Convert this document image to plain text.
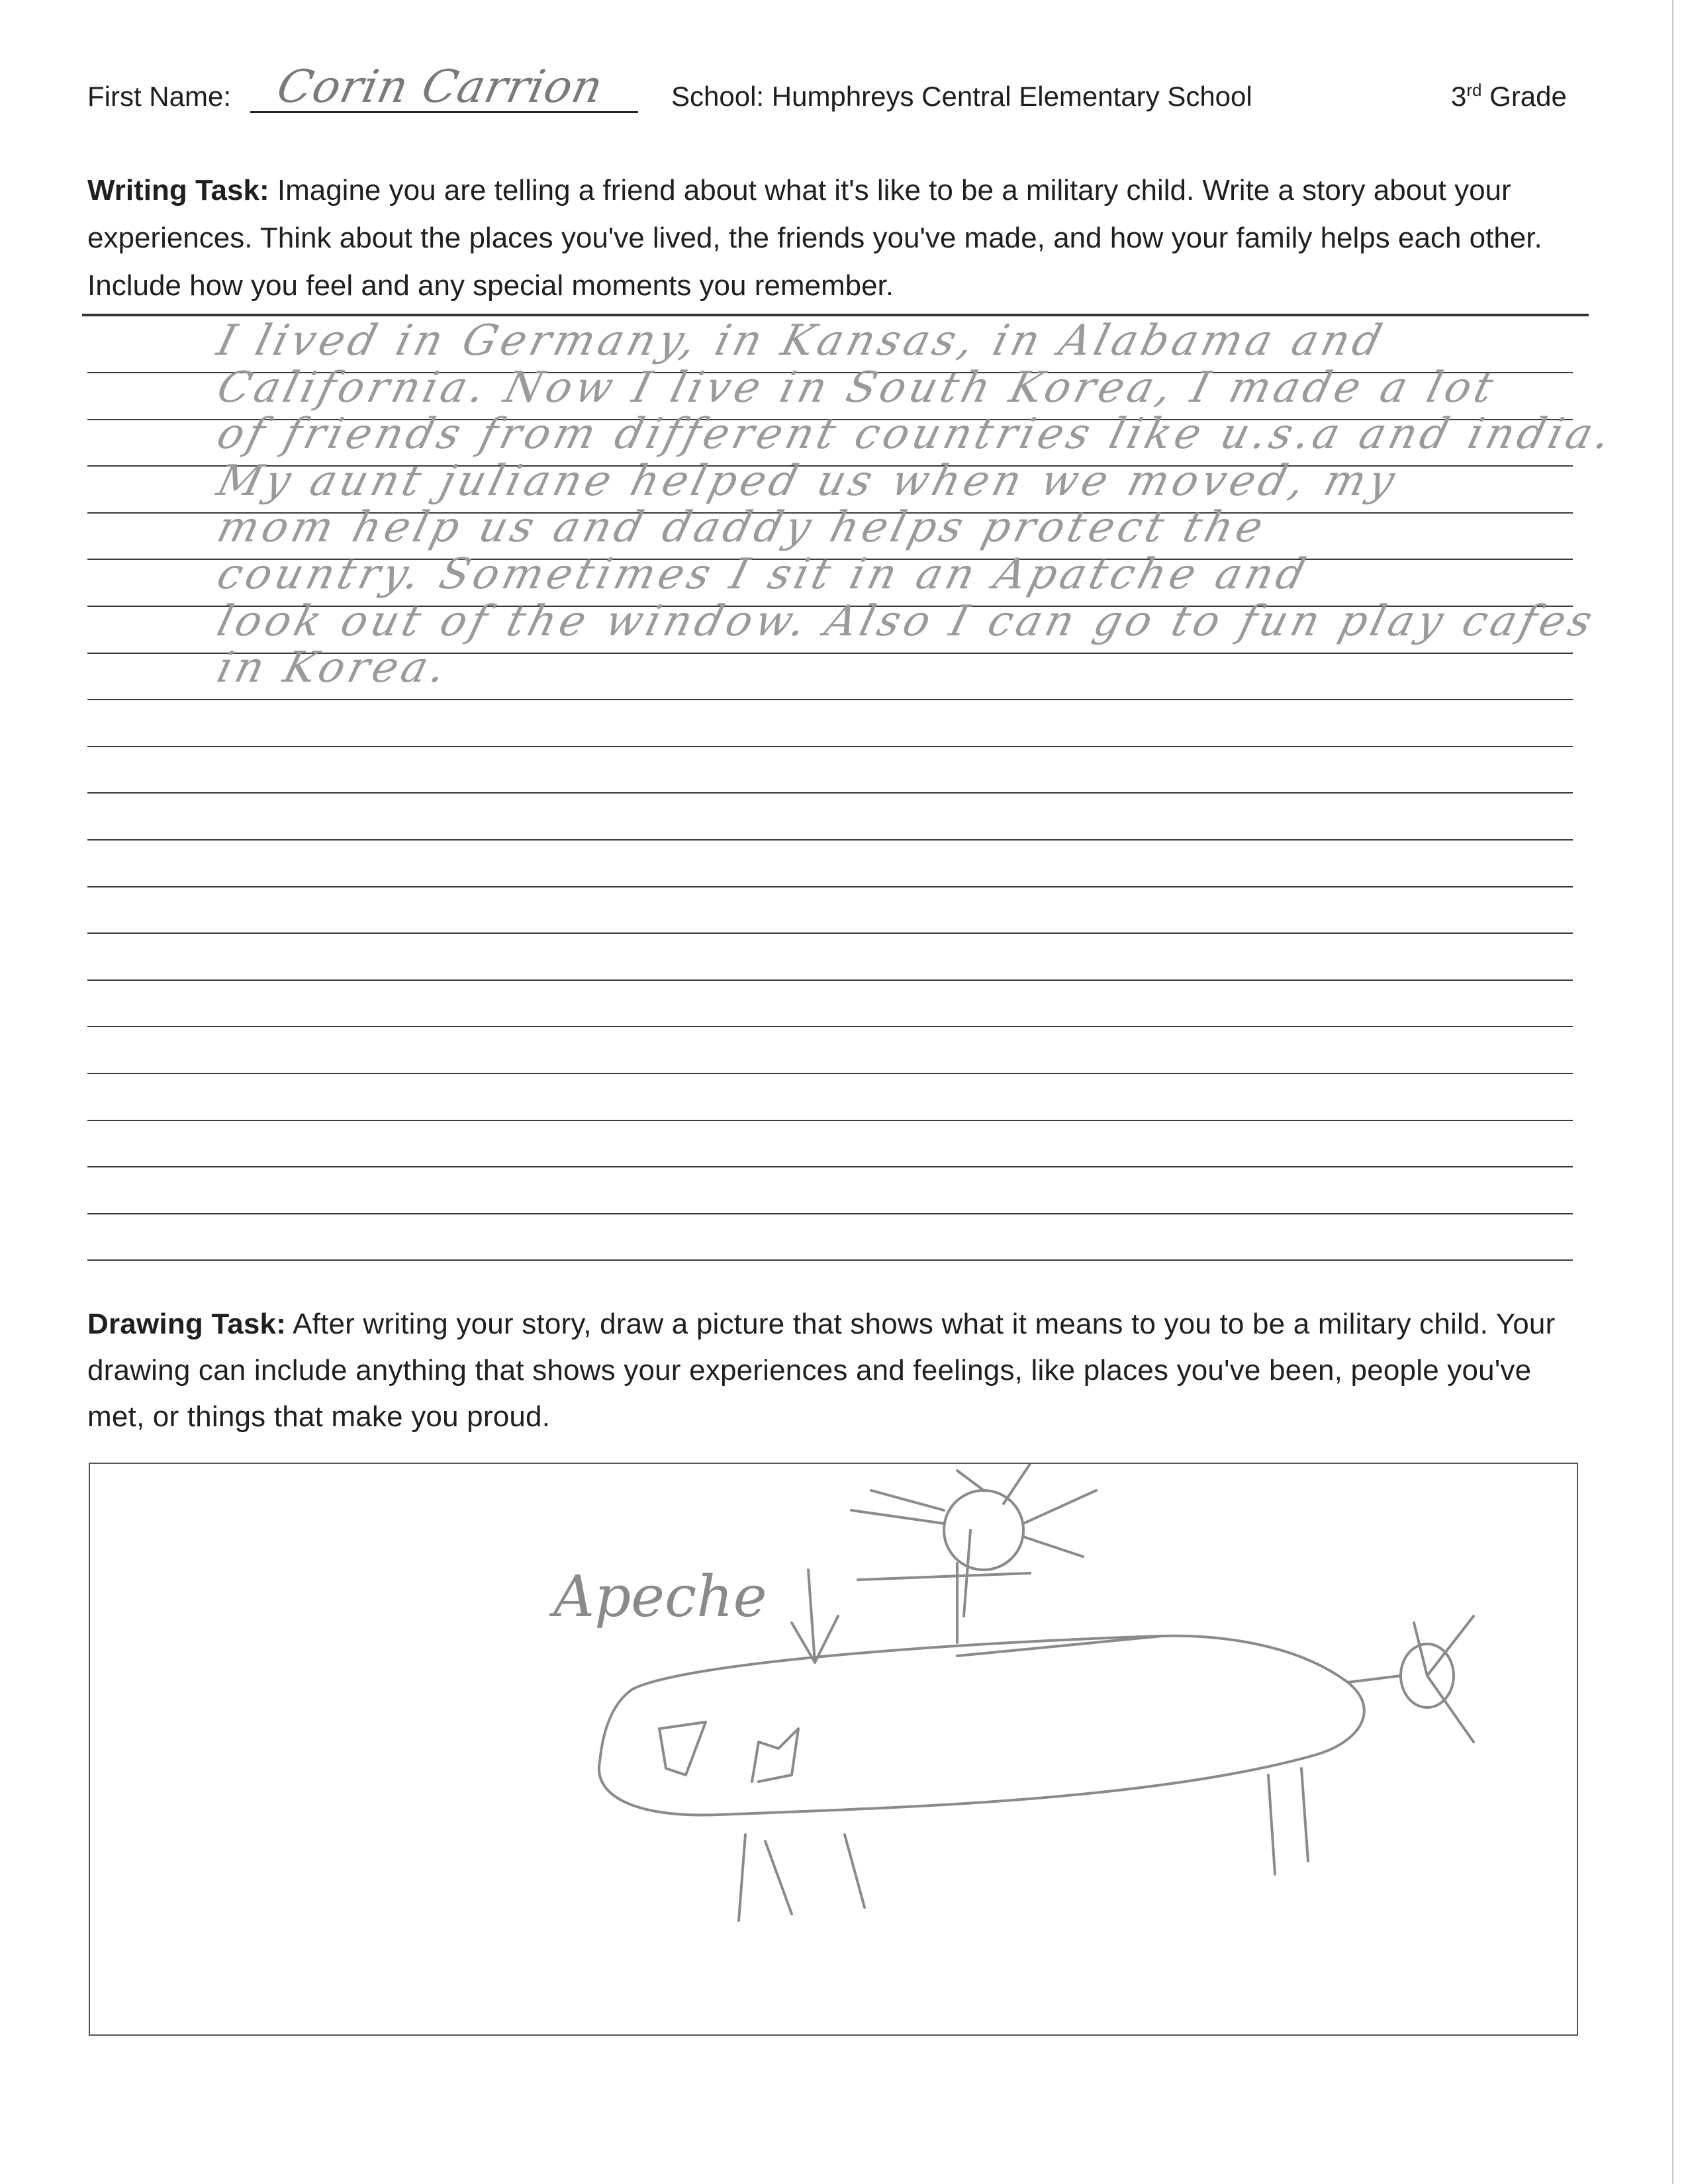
First Name: Corin Carrion School: Humphreys Central Elementary School	3rd Grade
Writing Task: Imagine you are telling a friend about what it's like to be a military child. Write a story about your experiences. Think about the places you've lived, the friends you've made, and how your family helps each other. Include how you feel and any special moments you remember.
I lived in Germany, in Kansas, in Alabama and
California. Now I live in South Korea, I made a lot
of friends from different countries like u.s.a and india.
My aunt juliane helped us when we moved, my
mom help us and daddy helps protect the
country. Sometimes I sit in an Apatche and
look out of the window. Also I can go to fun play cafes
in Korea.
Drawing Task: After writing your story, draw a picture that shows what it means to you to be a military child. Your drawing can include anything that shows your experiences and feelings, like places you've been, people you've met, or things that make you proud.
Apeche
